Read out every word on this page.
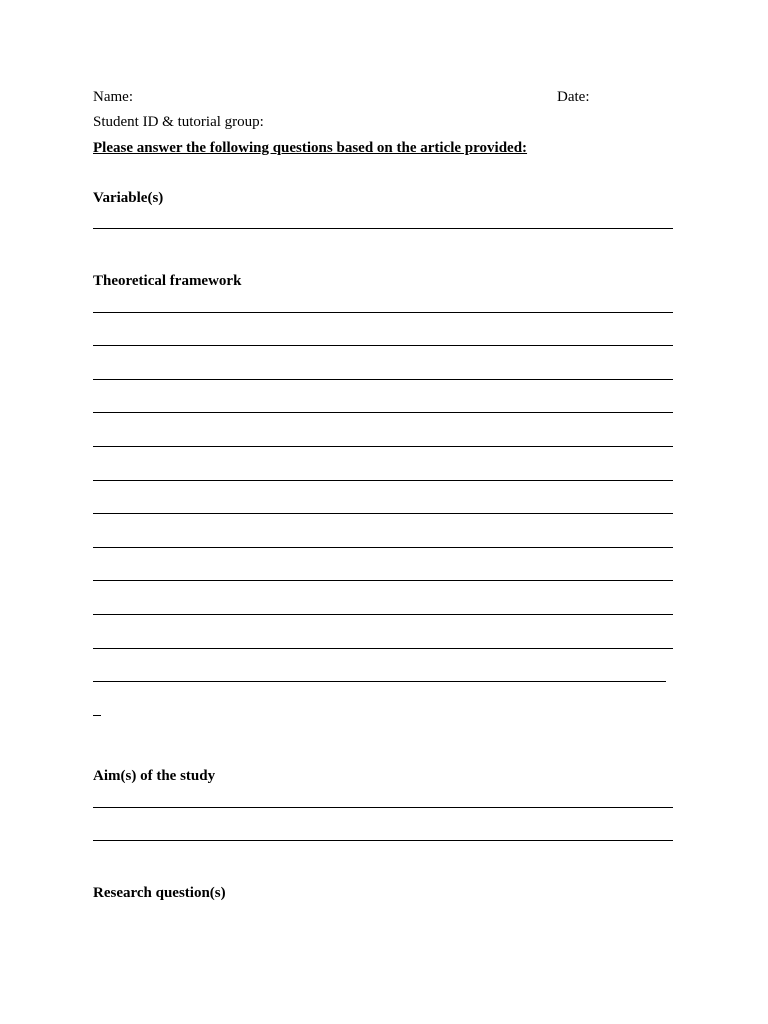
Name:	Date:
Student ID & tutorial group:
Please answer the following questions based on the article provided:
Variable(s)
Theoretical framework
Aim(s) of the study
Research question(s)
